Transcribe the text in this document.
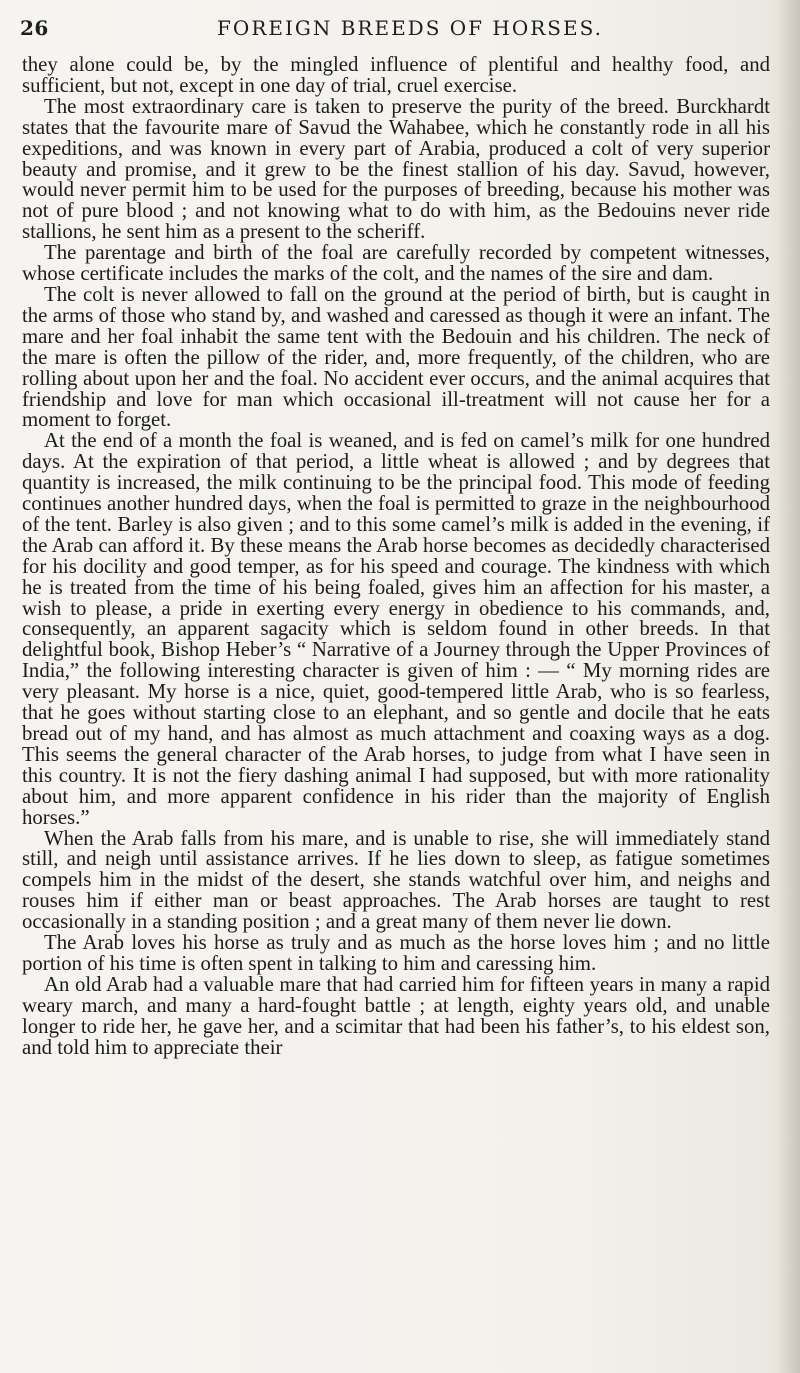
26	FOREIGN BREEDS OF HORSES.

they alone could be, by the mingled influence of plentiful and healthy food, and sufficient, but not, except in one day of trial, cruel exercise.

The most extraordinary care is taken to preserve the purity of the breed. Burckhardt states that the favourite mare of Savud the Wahabee, which he constantly rode in all his expeditions, and was known in every part of Arabia, produced a colt of very superior beauty and promise, and it grew to be the finest stallion of his day. Savud, however, would never permit him to be used for the purposes of breeding, because his mother was not of pure blood ; and not knowing what to do with him, as the Bedouins never ride stallions, he sent him as a present to the scheriff.

The parentage and birth of the foal are carefully recorded by competent witnesses, whose certificate includes the marks of the colt, and the names of the sire and dam.

The colt is never allowed to fall on the ground at the period of birth, but is caught in the arms of those who stand by, and washed and caressed as though it were an infant. The mare and her foal inhabit the same tent with the Bedouin and his children. The neck of the mare is often the pillow of the rider, and, more frequently, of the children, who are rolling about upon her and the foal. No accident ever occurs, and the animal acquires that friendship and love for man which occasional ill-treatment will not cause her for a moment to forget.

At the end of a month the foal is weaned, and is fed on camel’s milk for one hundred days. At the expiration of that period, a little wheat is allowed ; and by degrees that quantity is increased, the milk continuing to be the principal food. This mode of feeding continues another hundred days, when the foal is permitted to graze in the neighbourhood of the tent. Barley is also given ; and to this some camel’s milk is added in the evening, if the Arab can afford it. By these means the Arab horse becomes as decidedly characterised for his docility and good temper, as for his speed and courage. The kindness with which he is treated from the time of his being foaled, gives him an affection for his master, a wish to please, a pride in exerting every energy in obedience to his commands, and, consequently, an apparent sagacity which is seldom found in other breeds. In that delightful book, Bishop Heber’s “ Narrative of a Journey through the Upper Provinces of India,” the following interesting character is given of him : — “ My morning rides are very pleasant. My horse is a nice, quiet, good-tempered little Arab, who is so fearless, that he goes without starting close to an elephant, and so gentle and docile that he eats bread out of my hand, and has almost as much attachment and coaxing ways as a dog. This seems the general character of the Arab horses, to judge from what I have seen in this country. It is not the fiery dashing animal I had supposed, but with more rationality about him, and more apparent confidence in his rider than the majority of English horses.”

When the Arab falls from his mare, and is unable to rise, she will immediately stand still, and neigh until assistance arrives. If he lies down to sleep, as fatigue sometimes compels him in the midst of the desert, she stands watchful over him, and neighs and rouses him if either man or beast approaches. The Arab horses are taught to rest occasionally in a standing position ; and a great many of them never lie down.

The Arab loves his horse as truly and as much as the horse loves him ; and no little portion of his time is often spent in talking to him and caressing him.

An old Arab had a valuable mare that had carried him for fifteen years in many a rapid weary march, and many a hard-fought battle ; at length, eighty years old, and unable longer to ride her, he gave her, and a scimitar that had been his father’s, to his eldest son, and told him to appreciate their
